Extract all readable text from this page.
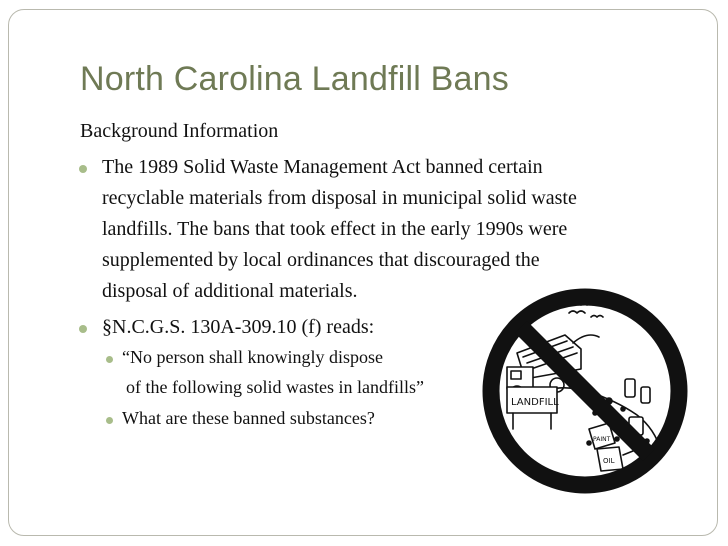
North Carolina Landfill Bans
Background Information
The 1989 Solid Waste Management Act banned certain
recyclable materials from disposal in municipal solid waste
landfills. The bans that took effect in the early 1990s were
supplemented by local ordinances that discouraged the
disposal of additional materials.
§N.C.G.S. 130A-309.10 (f) reads:
“No person shall knowingly dispose
of the following solid wastes in landfills”
What are these banned substances?
LANDFILL
PAINT
OIL
